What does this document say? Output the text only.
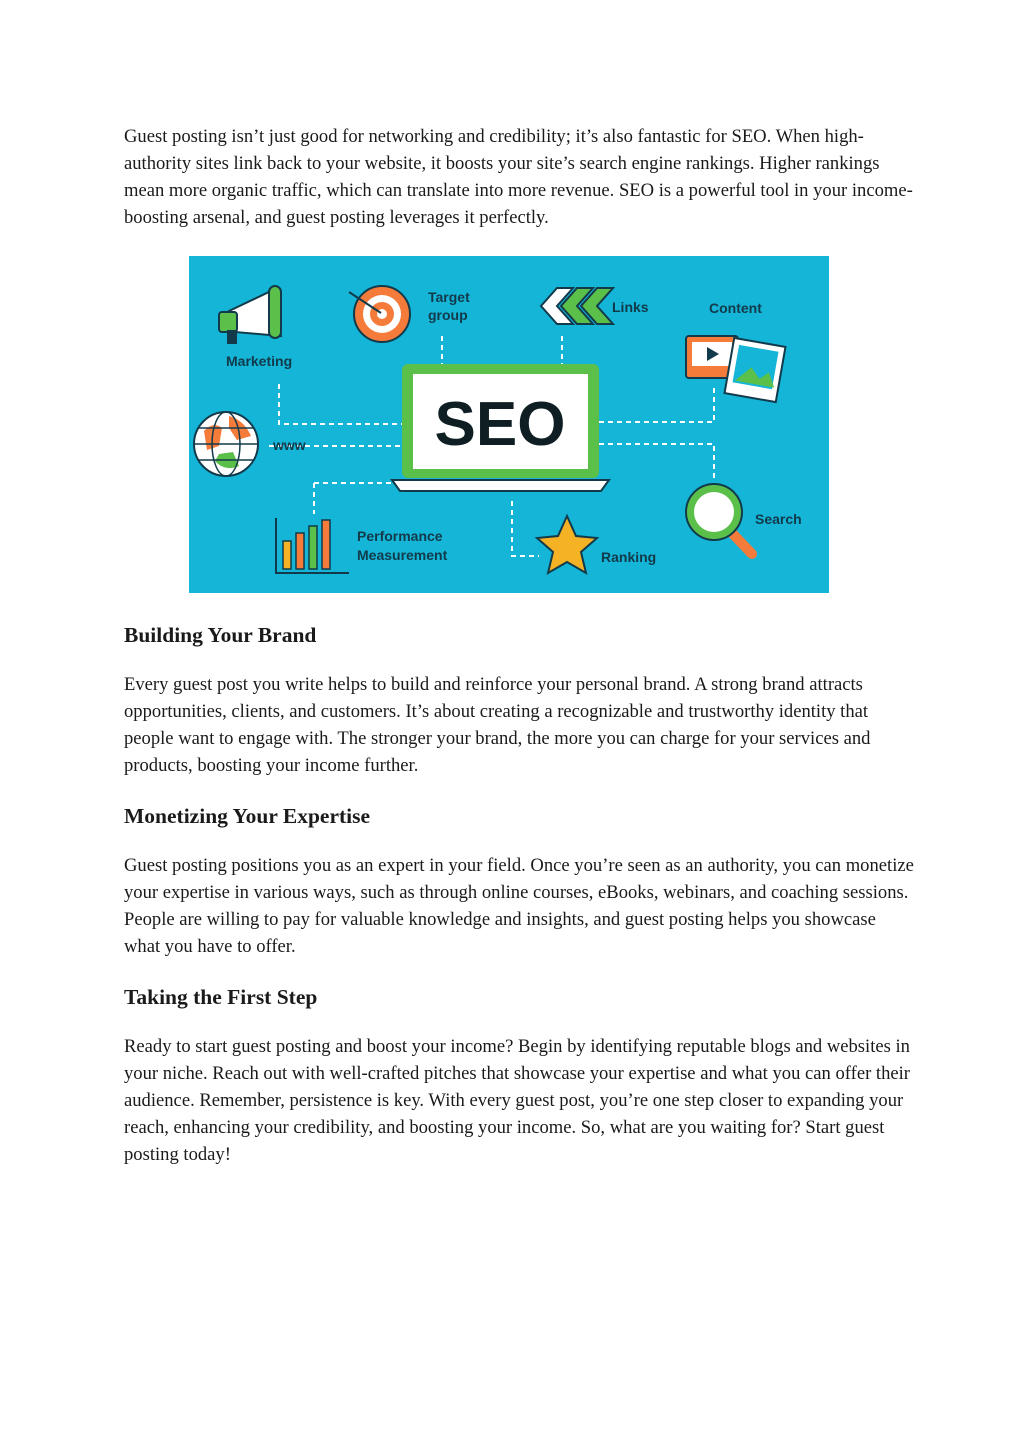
Guest posting isn’t just good for networking and credibility; it’s also fantastic for SEO. When high-authority sites link back to your website, it boosts your site’s search engine rankings. Higher rankings mean more organic traffic, which can translate into more revenue. SEO is a powerful tool in your income-boosting arsenal, and guest posting leverages it perfectly.

SEO
Marketing
Target
group	Links	Content
www
Search
Performance
Measurement	Ranking
Building Your Brand

Every guest post you write helps to build and reinforce your personal brand. A strong brand attracts opportunities, clients, and customers. It’s about creating a recognizable and trustworthy identity that people want to engage with. The stronger your brand, the more you can charge for your services and products, boosting your income further.

Monetizing Your Expertise

Guest posting positions you as an expert in your field. Once you’re seen as an authority, you can monetize your expertise in various ways, such as through online courses, eBooks, webinars, and coaching sessions. People are willing to pay for valuable knowledge and insights, and guest posting helps you showcase what you have to offer.

Taking the First Step

Ready to start guest posting and boost your income? Begin by identifying reputable blogs and websites in your niche. Reach out with well-crafted pitches that showcase your expertise and what you can offer their audience. Remember, persistence is key. With every guest post, you’re one step closer to expanding your reach, enhancing your credibility, and boosting your income. So, what are you waiting for? Start guest posting today!
